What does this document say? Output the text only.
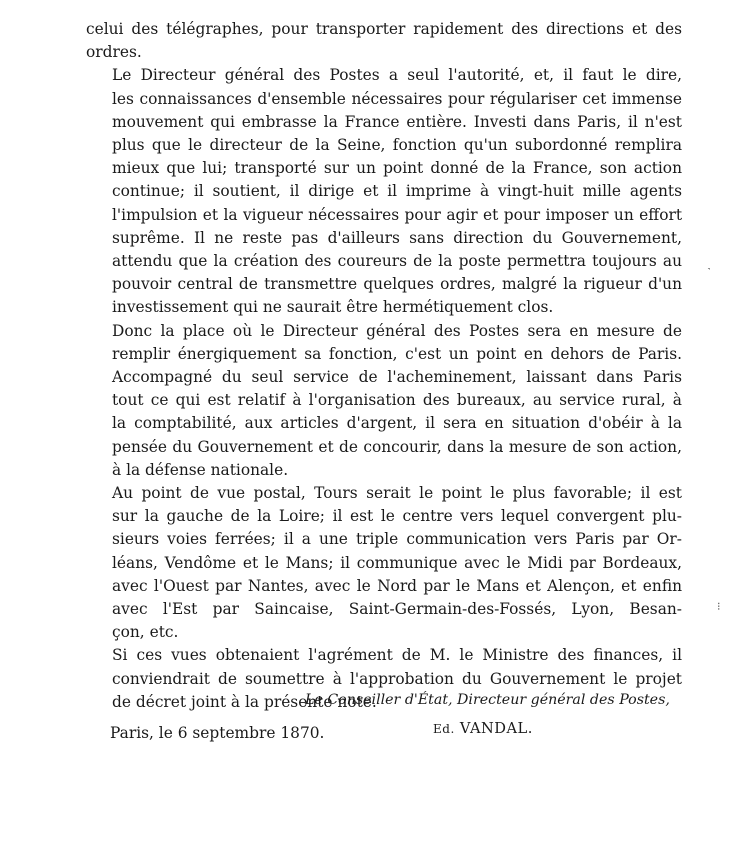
celui des télégraphes, pour transporter rapidement des directions et des
ordres.

Le Directeur général des Postes a seul l'autorité, et, il faut le dire,
les connaissances d'ensemble nécessaires pour régulariser cet immense
mouvement qui embrasse la France entière. Investi dans Paris, il n'est
plus que le directeur de la Seine, fonction qu'un subordonné remplira
mieux que lui; transporté sur un point donné de la France, son action
continue; il soutient, il dirige et il imprime à vingt-huit mille agents
l'impulsion et la vigueur nécessaires pour agir et pour imposer un effort
suprême. Il ne reste pas d'ailleurs sans direction du Gouvernement,
attendu que la création des coureurs de la poste permettra toujours au
pouvoir central de transmettre quelques ordres, malgré la rigueur d'un
investissement qui ne saurait être hermétiquement clos.

Donc la place où le Directeur général des Postes sera en mesure de
remplir énergiquement sa fonction, c'est un point en dehors de Paris.
Accompagné du seul service de l'acheminement, laissant dans Paris
tout ce qui est relatif à l'organisation des bureaux, au service rural, à
la comptabilité, aux articles d'argent, il sera en situation d'obéir à la
pensée du Gouvernement et de concourir, dans la mesure de son action,
à la défense nationale.

Au point de vue postal, Tours serait le point le plus favorable; il est
sur la gauche de la Loire; il est le centre vers lequel convergent plu-
sieurs voies ferrées; il a une triple communication vers Paris par Or-
léans, Vendôme et le Mans; il communique avec le Midi par Bordeaux,
avec l'Ouest par Nantes, avec le Nord par le Mans et Alençon, et enfin
avec l'Est par Saincaise, Saint-Germain-des-Fossés, Lyon, Besan-
çon, etc.

Si ces vues obtenaient l'agrément de M. le Ministre des finances, il
conviendrait de soumettre à l'approbation du Gouvernement le projet
de décret joint à la présente note.

Paris, le 6 septembre 1870.
Le Conseiller d'État, Directeur général des Postes,
Ed. VANDAL.
˺
⁝
